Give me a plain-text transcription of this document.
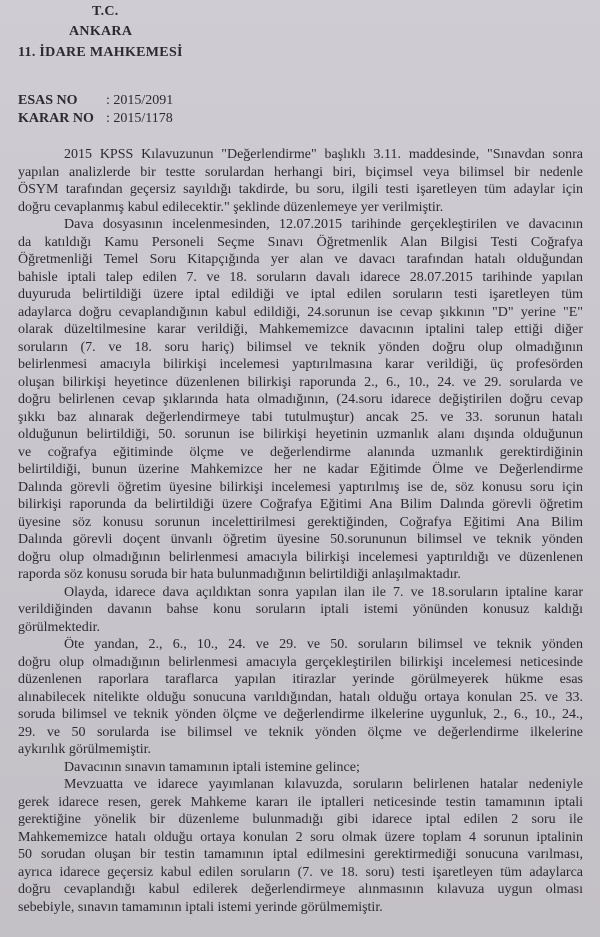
T.C.
ANKARA
11. İDARE MAHKEMESİ
ESAS NO : 2015/2091
KARAR NO : 2015/1178
2015 KPSS Kılavuzunun "Değerlendirme" başlıklı 3.11. maddesinde, "Sınavdan sonra
yapılan analizlerde bir testte sorulardan herhangi biri, biçimsel veya bilimsel bir nedenle
ÖSYM tarafından geçersiz sayıldığı takdirde, bu soru, ilgili testi işaretleyen tüm adaylar için
doğru cevaplanmış kabul edilecektir." şeklinde düzenlemeye yer verilmiştir.
Dava dosyasının incelenmesinden, 12.07.2015 tarihinde gerçekleştirilen ve davacının
da katıldığı Kamu Personeli Seçme Sınavı Öğretmenlik Alan Bilgisi Testi Coğrafya
Öğretmenliği Temel Soru Kitapçığında yer alan ve davacı tarafından hatalı olduğundan
bahisle iptali talep edilen 7. ve 18. soruların davalı idarece 28.07.2015 tarihinde yapılan
duyuruda belirtildiği üzere iptal edildiği ve iptal edilen soruların testi işaretleyen tüm
adaylarca doğru cevaplandığının kabul edildiği, 24.sorunun ise cevap şıkkının "D" yerine "E"
olarak düzeltilmesine karar verildiği, Mahkememizce davacının iptalini talep ettiği diğer
soruların (7. ve 18. soru hariç) bilimsel ve teknik yönden doğru olup olmadığının
belirlenmesi amacıyla bilirkişi incelemesi yaptırılmasına karar verildiği, üç profesörden
oluşan bilirkişi heyetince düzenlenen bilirkişi raporunda 2., 6., 10., 24. ve 29. sorularda ve
doğru belirlenen cevap şıklarında hata olmadığının, (24.soru idarece değiştirilen doğru cevap
şıkkı baz alınarak değerlendirmeye tabi tutulmuştur) ancak 25. ve 33. sorunun hatalı
olduğunun belirtildiği, 50. sorunun ise bilirkişi heyetinin uzmanlık alanı dışında olduğunun
ve coğrafya eğitiminde ölçme ve değerlendirme alanında uzmanlık gerektirdiğinin
belirtildiği, bunun üzerine Mahkemizce her ne kadar Eğitimde Ölme ve Değerlendirme
Dalında görevli öğretim üyesine bilirkişi incelemesi yaptırılmış ise de, söz konusu soru için
bilirkişi raporunda da belirtildiği üzere Coğrafya Eğitimi Ana Bilim Dalında görevli öğretim
üyesine söz konusu sorunun incelettirilmesi gerektiğinden, Coğrafya Eğitimi Ana Bilim
Dalında görevli doçent ünvanlı öğretim üyesine 50.sorununun bilimsel ve teknik yönden
doğru olup olmadığının belirlenmesi amacıyla bilirkişi incelemesi yaptırıldığı ve düzenlenen
raporda söz konusu soruda bir hata bulunmadığının belirtildiği anlaşılmaktadır.
Olayda, idarece dava açıldıktan sonra yapılan ilan ile 7. ve 18.soruların iptaline karar
verildiğinden davanın bahse konu soruların iptali istemi yönünden konusuz kaldığı
görülmektedir.
Öte yandan, 2., 6., 10., 24. ve 29. ve 50. soruların bilimsel ve teknik yönden
doğru olup olmadığının belirlenmesi amacıyla gerçekleştirilen bilirkişi incelemesi neticesinde
düzenlenen raporlara taraflarca yapılan itirazlar yerinde görülmeyerek hükme esas
alınabilecek nitelikte olduğu sonucuna varıldığından, hatalı olduğu ortaya konulan 25. ve 33.
soruda bilimsel ve teknik yönden ölçme ve değerlendirme ilkelerine uygunluk, 2., 6., 10., 24.,
29. ve 50 sorularda ise bilimsel ve teknik yönden ölçme ve değerlendirme ilkelerine
aykırılık görülmemiştir.
Davacının sınavın tamamının iptali istemine gelince;
Mevzuatta ve idarece yayımlanan kılavuzda, soruların belirlenen hatalar nedeniyle
gerek idarece resen, gerek Mahkeme kararı ile iptalleri neticesinde testin tamamının iptali
gerektiğine yönelik bir düzenleme bulunmadığı gibi idarece iptal edilen 2 soru ile
Mahkememizce hatalı olduğu ortaya konulan 2 soru olmak üzere toplam 4 sorunun iptalinin
50 sorudan oluşan bir testin tamamının iptal edilmesini gerektirmediği sonucuna varılması,
ayrıca idarece geçersiz kabul edilen soruların (7. ve 18. soru) testi işaretleyen tüm adaylarca
doğru cevaplandığı kabul edilerek değerlendirmeye alınmasının kılavuza uygun olması
sebebiyle, sınavın tamamının iptali istemi yerinde görülmemiştir.
